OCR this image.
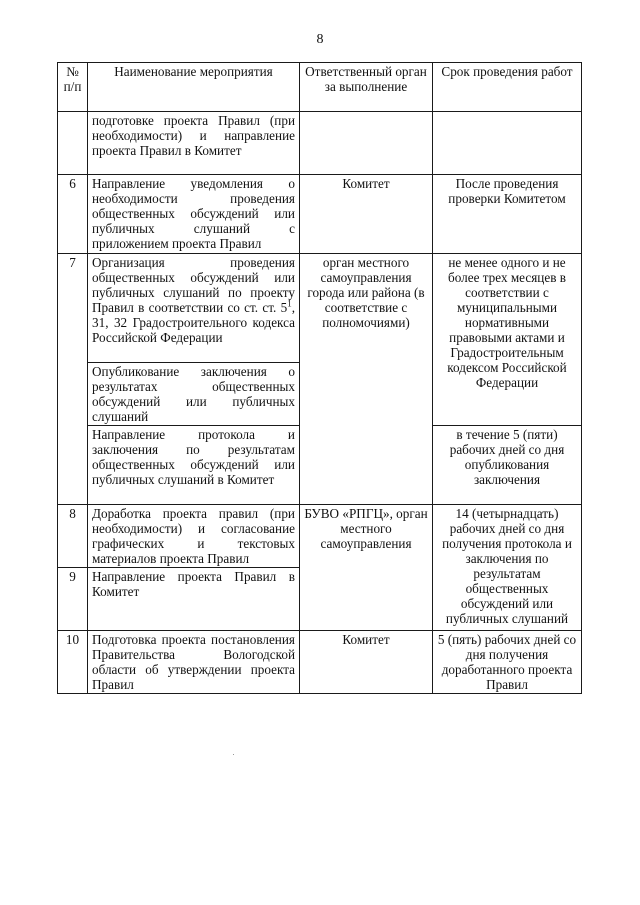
8
№ п/п	Наименование мероприятия	Ответственный орган за выполнение	Срок проведения работ
	подготовке проекта Правил (при необходимости) и направление проекта Правил в Комитет		
6	Направление уведомления о необходимости проведения общественных обсуждений или публичных слушаний с приложением проекта Правил	Комитет	После проведения проверки Комитетом
7	Организация проведения общественных обсуждений или публичных слушаний по проекту Правил в соответствии со ст. ст. $5^1$, 31, 32 Градостроительного кодекса Российской Федерации	орган местного самоуправления города или района (в соответствие с полномочиями)	не менее одного и не более трех месяцев в соответствии с муниципальными нормативными правовыми актами и Градостроительным кодексом Российской Федерации
	Опубликование заключения о результатах общественных обсуждений или публичных слушаний		
	Направление протокола и заключения по результатам общественных обсуждений или публичных слушаний в Комитет		в течение 5 (пяти) рабочих дней со дня опубликования заключения
8	Доработка проекта правил (при необходимости) и согласование графических и текстовых материалов проекта Правил	БУВО «РПГЦ», орган местного самоуправления	14 (четырнадцать) рабочих дней со дня получения протокола и заключения по результатам общественных обсуждений или публичных слушаний
9	Направление проекта Правил в Комитет		
10	Подготовка проекта постановления Правительства Вологодской области об утверждении проекта Правил	Комитет	5 (пять) рабочих дней со дня получения доработанного проекта Правил
